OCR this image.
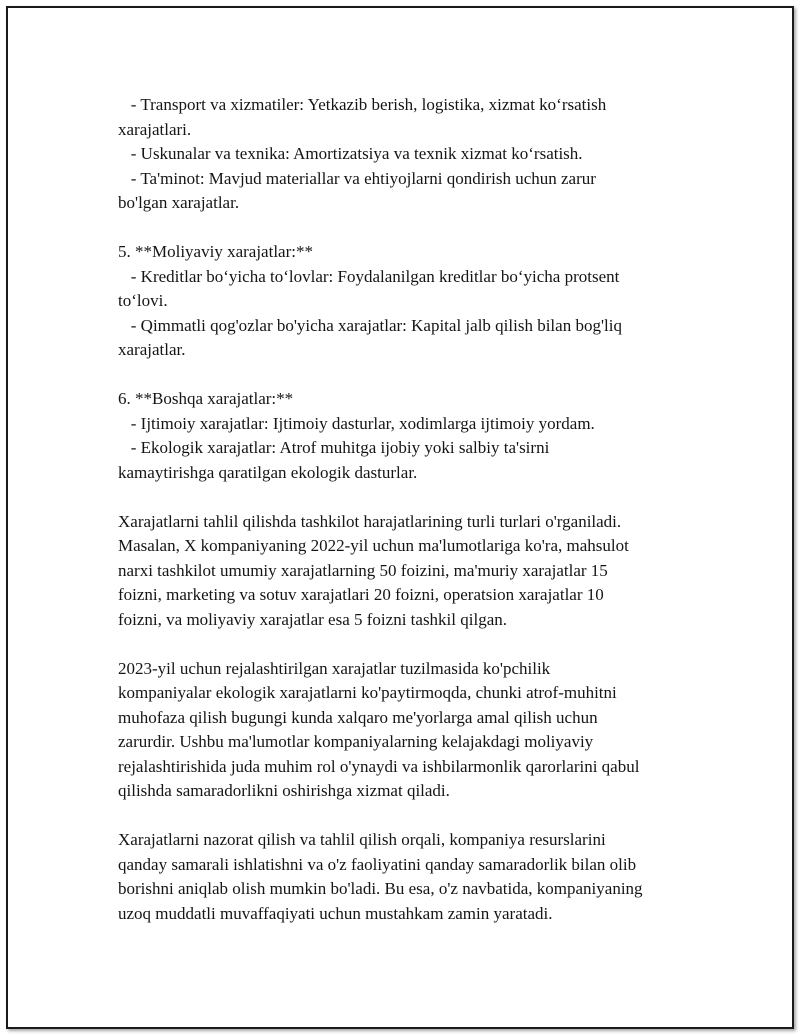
- Transport va xizmatiler: Yetkazib berish, logistika, xizmat ko‘rsatish
xarajatlari.
- Uskunalar va texnika: Amortizatsiya va texnik xizmat ko‘rsatish.
- Ta'minot: Mavjud materiallar va ehtiyojlarni qondirish uchun zarur
bo'lgan xarajatlar.
5. **Moliyaviy xarajatlar:**
- Kreditlar bo‘yicha to‘lovlar: Foydalanilgan kreditlar bo‘yicha protsent
to‘lovi.
- Qimmatli qog'ozlar bo'yicha xarajatlar: Kapital jalb qilish bilan bog'liq
xarajatlar.
6. **Boshqa xarajatlar:**
- Ijtimoiy xarajatlar: Ijtimoiy dasturlar, xodimlarga ijtimoiy yordam.
- Ekologik xarajatlar: Atrof muhitga ijobiy yoki salbiy ta'sirni
kamaytirishga qaratilgan ekologik dasturlar.
Xarajatlarni tahlil qilishda tashkilot harajatlarining turli turlari o'rganiladi.
Masalan, X kompaniyaning 2022-yil uchun ma'lumotlariga ko'ra, mahsulot
narxi tashkilot umumiy xarajatlarning 50 foizini, ma'muriy xarajatlar 15
foizni, marketing va sotuv xarajatlari 20 foizni, operatsion xarajatlar 10
foizni, va moliyaviy xarajatlar esa 5 foizni tashkil qilgan.
2023-yil uchun rejalashtirilgan xarajatlar tuzilmasida ko'pchilik
kompaniyalar ekologik xarajatlarni ko'paytirmoqda, chunki atrof-muhitni
muhofaza qilish bugungi kunda xalqaro me'yorlarga amal qilish uchun
zarurdir. Ushbu ma'lumotlar kompaniyalarning kelajakdagi moliyaviy
rejalashtirishida juda muhim rol o'ynaydi va ishbilarmonlik qarorlarini qabul
qilishda samaradorlikni oshirishga xizmat qiladi.
Xarajatlarni nazorat qilish va tahlil qilish orqali, kompaniya resurslarini
qanday samarali ishlatishni va o'z faoliyatini qanday samaradorlik bilan olib
borishni aniqlab olish mumkin bo'ladi. Bu esa, o'z navbatida, kompaniyaning
uzoq muddatli muvaffaqiyati uchun mustahkam zamin yaratadi.
